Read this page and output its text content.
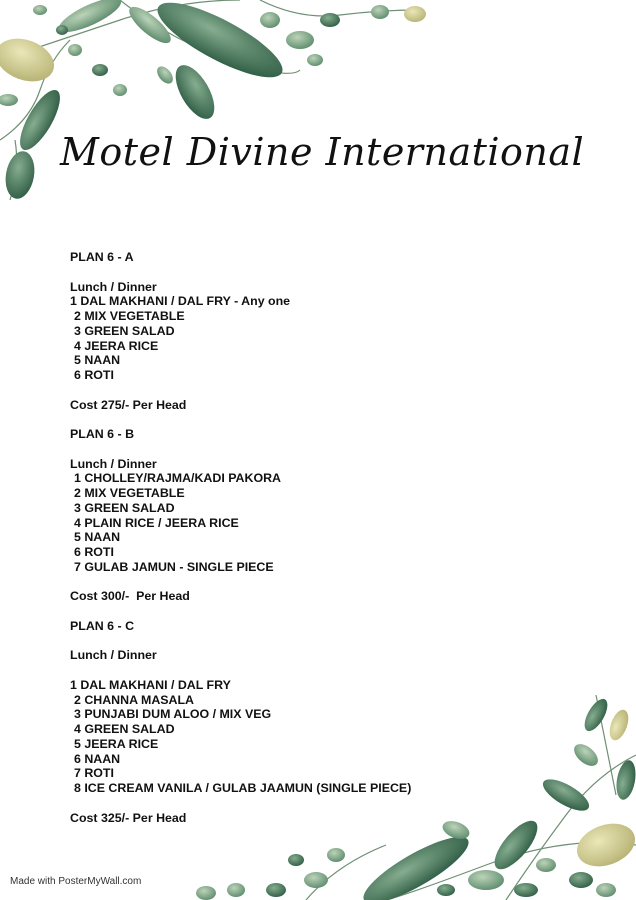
Motel Divine International
PLAN 6 - A
Lunch / Dinner
1 DAL MAKHANI / DAL FRY - Any one
2 MIX VEGETABLE
3 GREEN SALAD
4 JEERA RICE
5 NAAN
6 ROTI
Cost 275/- Per Head
PLAN 6 - B
Lunch / Dinner
1 CHOLLEY/RAJMA/KADI PAKORA
2 MIX VEGETABLE
3 GREEN SALAD
4 PLAIN RICE / JEERA RICE
5 NAAN
6 ROTI
7 GULAB JAMUN - SINGLE PIECE
Cost 300/-  Per Head
PLAN 6 - C
Lunch / Dinner
1 DAL MAKHANI / DAL FRY
2 CHANNA MASALA
3 PUNJABI DUM ALOO / MIX VEG
4 GREEN SALAD
5 JEERA RICE
6 NAAN
7 ROTI
8 ICE CREAM VANILA / GULAB JAAMUN (SINGLE PIECE)
Cost 325/- Per Head
Made with PosterMyWall.com
